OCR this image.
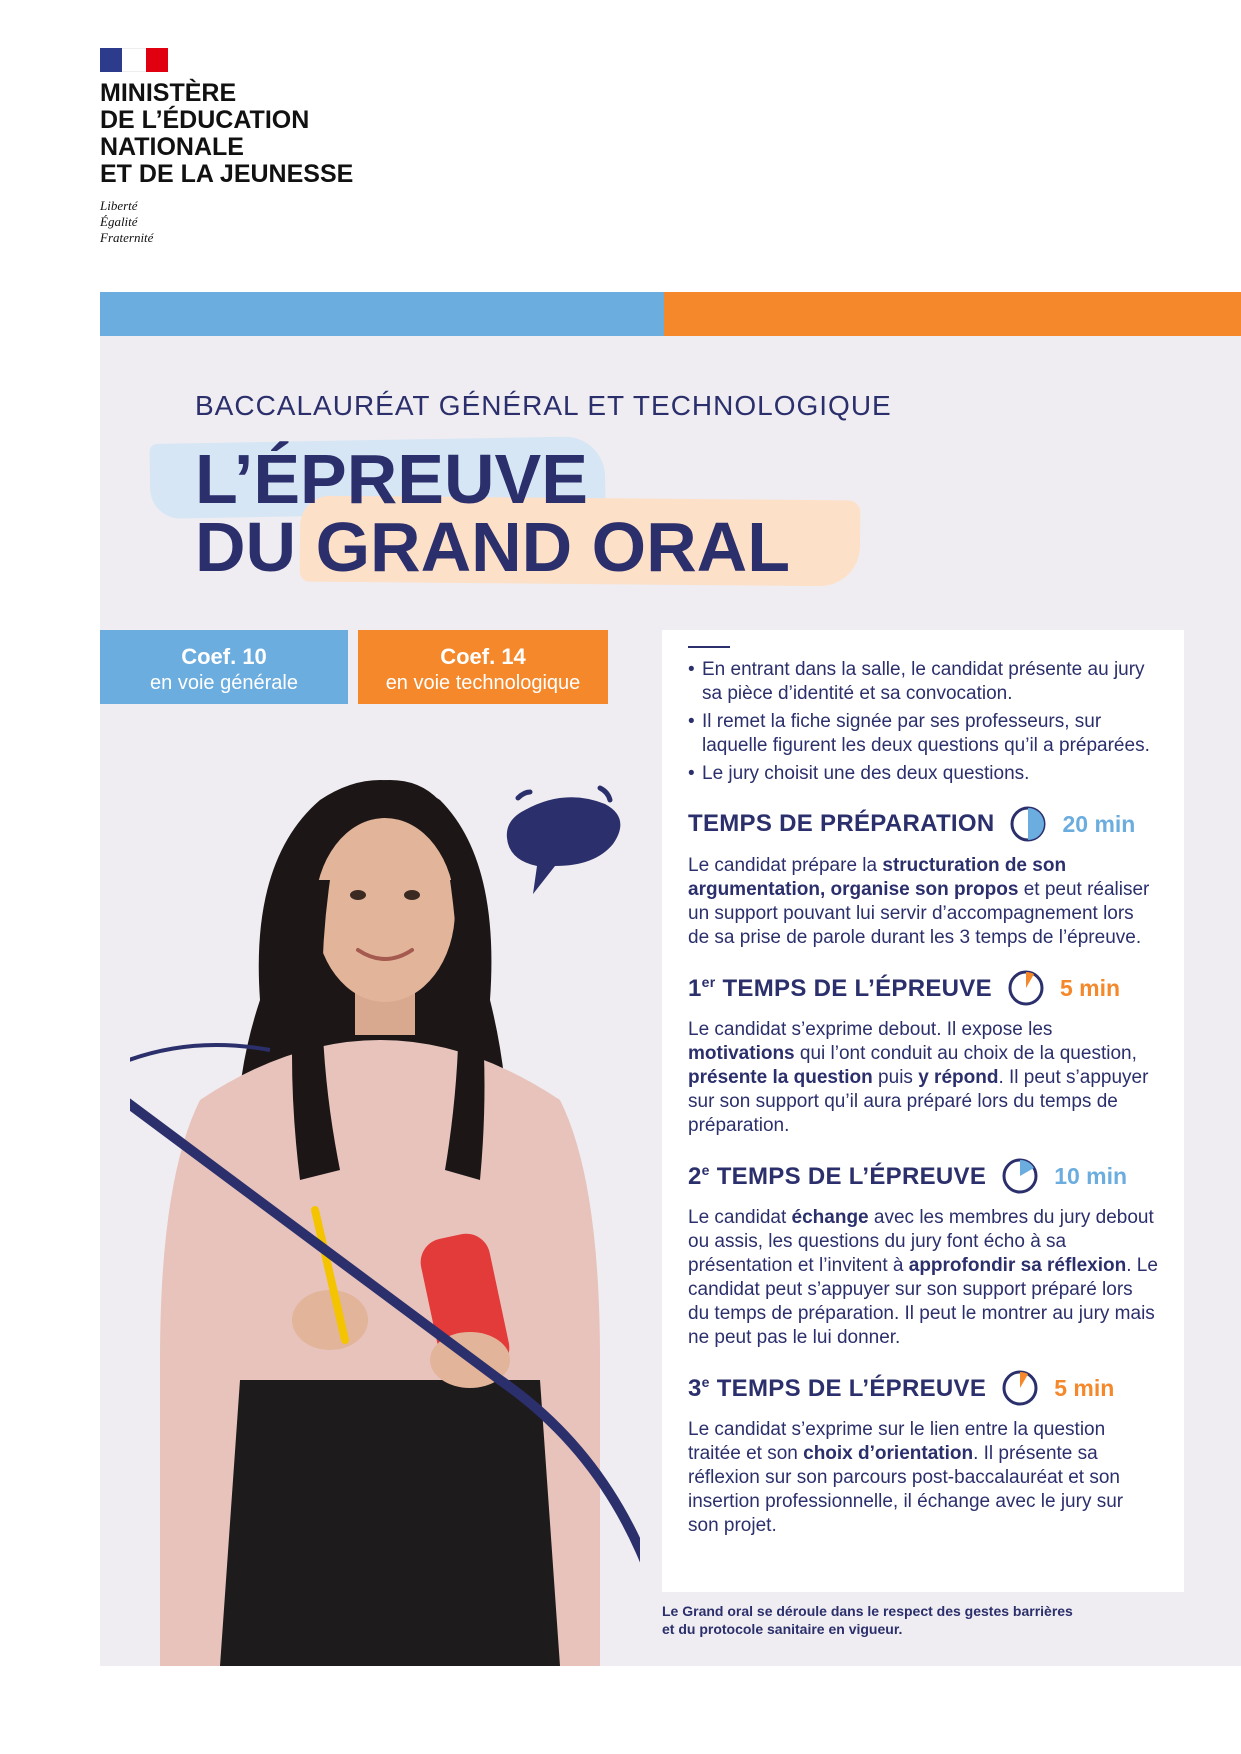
MINISTÈRE
DE L’ÉDUCATION
NATIONALE
ET DE LA JEUNESSE
Liberté
Égalité
Fraternité
BACCALAURÉAT GÉNÉRAL ET TECHNOLOGIQUE
L’ÉPREUVE
DU GRAND ORAL
Coef. 10
en voie générale
Coef. 14
en voie technologique
• En entrant dans la salle, le candidat présente au jury sa pièce d’identité et sa convocation.
• Il remet la fiche signée par ses professeurs, sur laquelle figurent les deux questions qu’il a préparées.
• Le jury choisit une des deux questions.
TEMPS DE PRÉPARATION	20 min

Le candidat prépare la structuration de son argumentation, organise son propos et peut réaliser un support pouvant lui servir d’accompagnement lors de sa prise de parole durant les 3 temps de l’épreuve.

1er TEMPS DE L’ÉPREUVE	5 min

Le candidat s’exprime debout. Il expose les motivations qui l’ont conduit au choix de la question, présente la question puis y répond. Il peut s’appuyer sur son support qu’il aura préparé lors du temps de préparation.

2e TEMPS DE L’ÉPREUVE	10 min

Le candidat échange avec les membres du jury debout ou assis, les questions du jury font écho à sa présentation et l’invitent à approfondir sa réflexion. Le candidat peut s’appuyer sur son support préparé lors du temps de préparation. Il peut le montrer au jury mais ne peut pas le lui donner.

3e TEMPS DE L’ÉPREUVE	5 min

Le candidat s’exprime sur le lien entre la question traitée et son choix d’orientation. Il présente sa réflexion sur son parcours post-baccalauréat et son insertion professionnelle, il échange avec le jury sur son projet.

Le Grand oral se déroule dans le respect des gestes barrières
et du protocole sanitaire en vigueur.
